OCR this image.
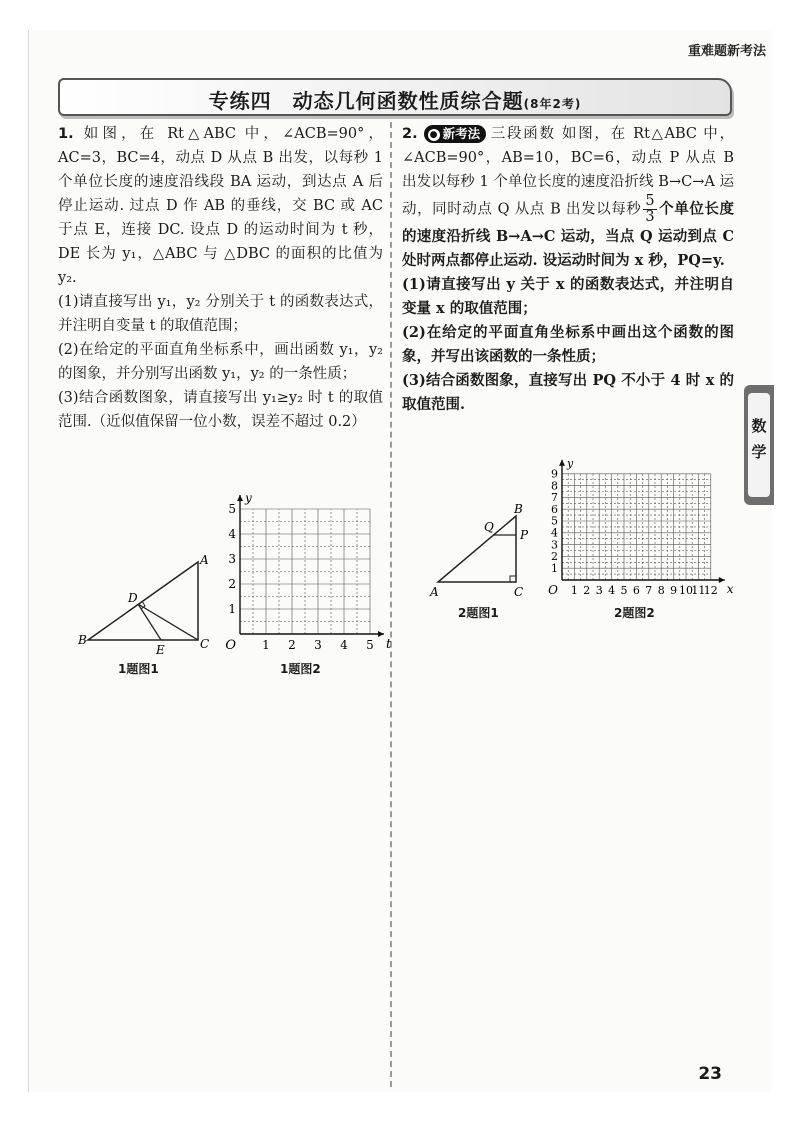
重难题新考法
专练四　动态几何函数性质综合题(8年2考)

1. 如图，在 Rt△ABC 中，∠ACB=90°，AC=3，BC=4，动点 D 从点 B 出发，以每秒 1 个单位长度的速度沿线段 BA 运动，到达点 A 后停止运动. 过点 D 作 AB 的垂线，交 BC 或 AC 于点 E，连接 DC. 设点 D 的运动时间为 t 秒，DE 长为 y₁，△ABC 与 △DBC 的面积的比值为 y₂.

(1)请直接写出 y₁，y₂ 分别关于 t 的函数表达式，并注明自变量 t 的取值范围；

(2)在给定的平面直角坐标系中，画出函数 y₁，y₂ 的图象，并分别写出函数 y₁，y₂ 的一条性质；

(3)结合函数图象，请直接写出 y₁≥y₂ 时 t 的取值范围.（近似值保留一位小数，误差不超过 0.2）

2. ● 新考法 三段函数 如图，在 Rt△ABC 中，∠ACB=90°，AB=10，BC=6，动点 P 从点 B 出发以每秒 1 个单位长度的速度沿折线 B→C→A 运动，同时动点 Q 从点 B 出发以每秒 $\frac{5}{3}$ 个单位长度的速度沿折线 B→A→C 运动，当点 Q 运动到点 C 处时两点都停止运动. 设运动时间为 x 秒，PQ=y.

(1)请直接写出 y 关于 x 的函数表达式，并注明自变量 x 的取值范围；

(2)在给定的平面直角坐标系中画出这个函数的图象，并写出该函数的一条性质；

(3)结合函数图象，直接写出 PQ 不小于 4 时 x 的取值范围.

A
B	C
D
E
1题图1
1 2 3 4 5
1
2
3
4
5
O	t
y
1题图2
B
Q
P
A	C
2题图1
1 2 3 4 5 6 7 8 9 10
11
12
1
2
3
4
5
6
7
8
9
O	x
y
2题图2
数
学
23
